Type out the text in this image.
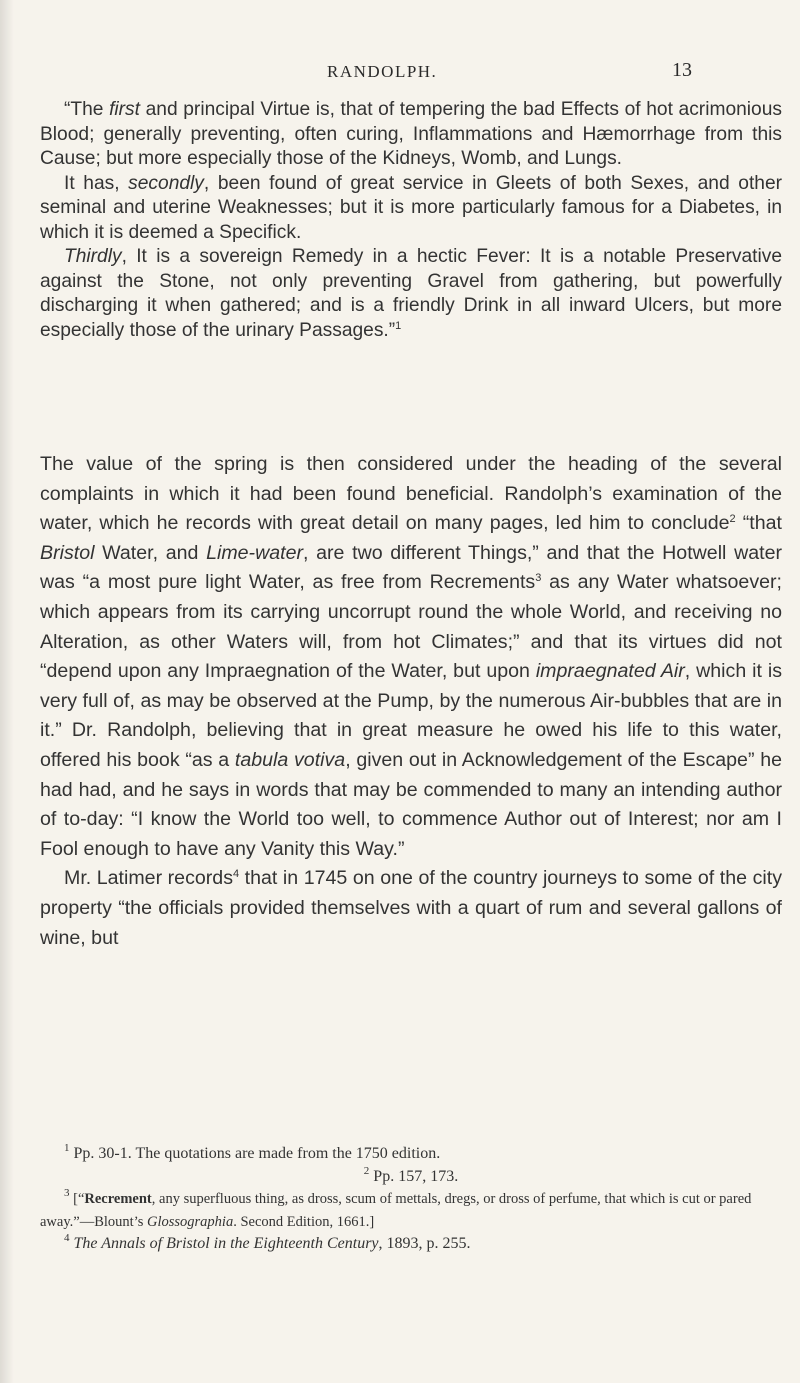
RANDOLPH.	13

“The first and principal Virtue is, that of tempering the bad Effects of hot acrimonious Blood; generally preventing, often curing, Inflammations and Hæmorrhage from this Cause; but more especially those of the Kidneys, Womb, and Lungs.

It has, secondly, been found of great service in Gleets of both Sexes, and other seminal and uterine Weaknesses; but it is more particularly famous for a Diabetes, in which it is deemed a Specifick.

Thirdly, It is a sovereign Remedy in a hectic Fever: It is a notable Preservative against the Stone, not only preventing Gravel from gathering, but powerfully discharging it when gathered; and is a friendly Drink in all inward Ulcers, but more especially those of the urinary Passages.”$^1$

The value of the spring is then considered under the heading of the several complaints in which it had been found beneficial. Randolph’s examination of the water, which he records with great detail on many pages, led him to conclude$^2$ “that Bristol Water, and Lime-water, are two different Things,” and that the Hotwell water was “a most pure light Water, as free from Recrements$^3$ as any Water whatsoever; which appears from its carrying uncorrupt round the whole World, and receiving no Alteration, as other Waters will, from hot Climates;” and that its virtues did not “depend upon any Impraegnation of the Water, but upon impraegnated Air, which it is very full of, as may be observed at the Pump, by the numerous Air-bubbles that are in it.” Dr. Randolph, believing that in great measure he owed his life to this water, offered his book “as a tabula votiva, given out in Acknowledgement of the Escape” he had had, and he says in words that may be commended to many an intending author of to-day: “I know the World too well, to commence Author out of Interest; nor am I Fool enough to have any Vanity this Way.”

Mr. Latimer records$^4$ that in 1745 on one of the country journeys to some of the city property “the officials provided themselves with a quart of rum and several gallons of wine, but

$^1$ Pp. 30-1. The quotations are made from the 1750 edition.

$^2$ Pp. 157, 173.

$^3$ [“Recrement, any superfluous thing, as dross, scum of mettals, dregs, or dross of perfume, that which is cut or pared away.”—Blount’s Glossographia. Second Edition, 1661.]

$^4$ The Annals of Bristol in the Eighteenth Century, 1893, p. 255.
